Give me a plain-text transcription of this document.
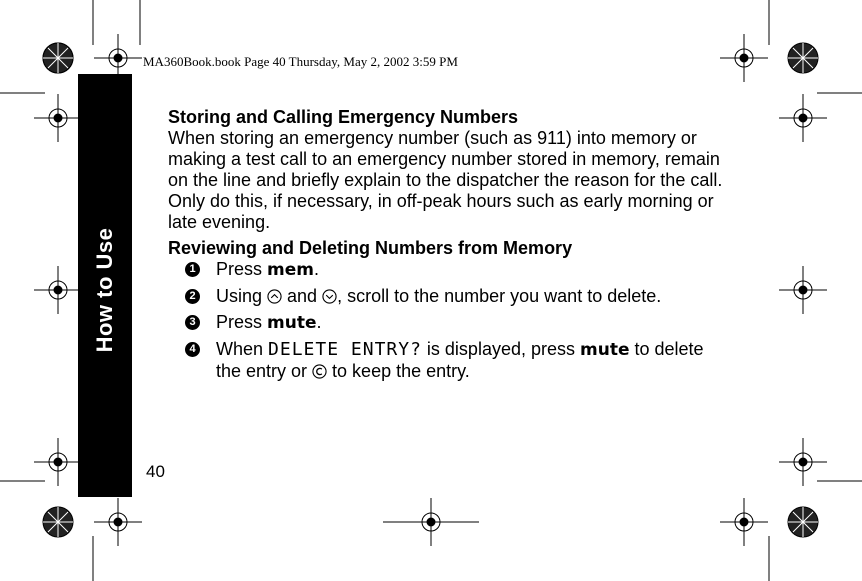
MA360Book.book Page 40 Thursday, May 2, 2002 3:59 PM
How to Use
40

Storing and Calling Emergency Numbers

When storing an emergency number (such as 911) into memory or making a test call to an emergency number stored in memory, remain on the line and briefly explain to the dispatcher the reason for the call. Only do this, if necessary, in off-peak hours such as early morning or late evening.

Reviewing and Deleting Numbers from Memory

1 Press mem.
2 Using  and , scroll to the number you want to delete.
3 Press mute.
4 When DELETE ENTRY? is displayed, press mute to delete the entry or  to keep the entry.
